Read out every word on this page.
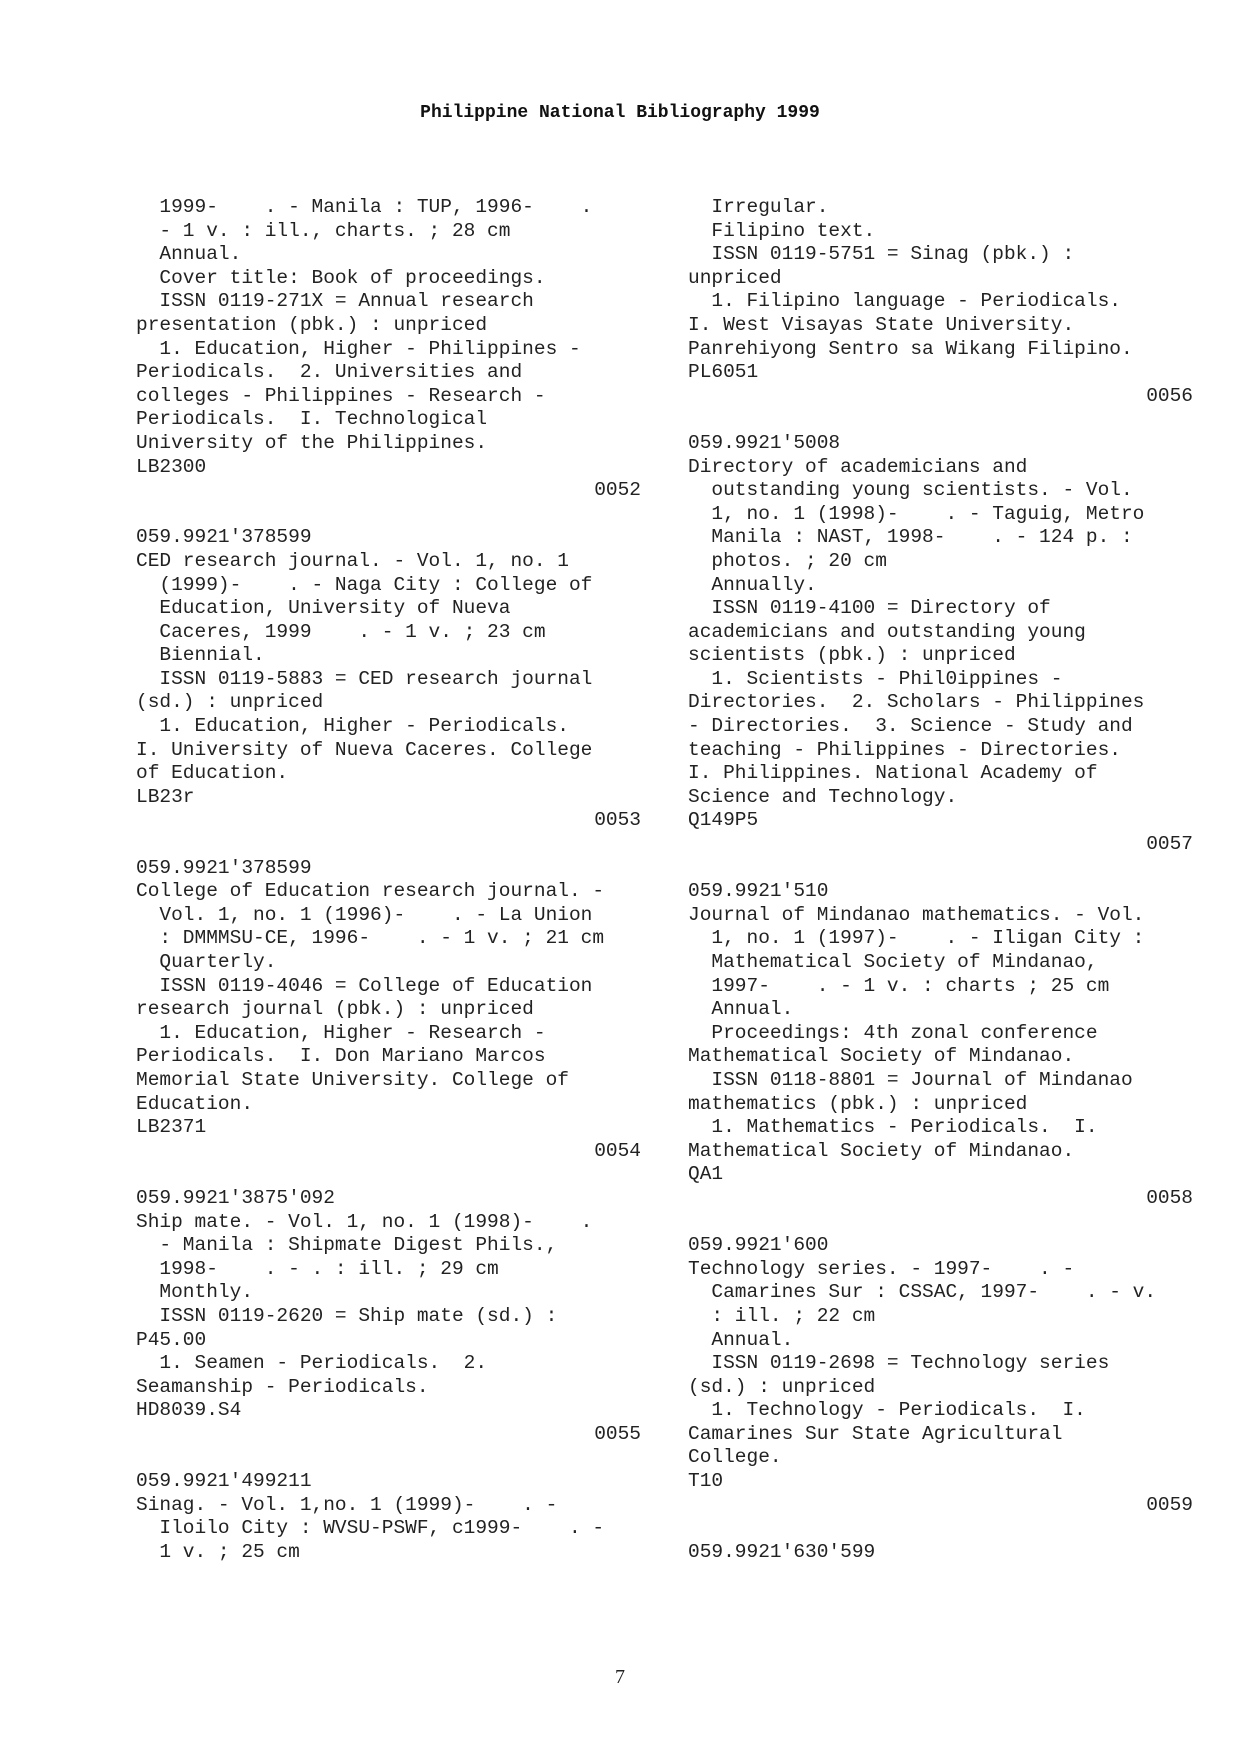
Philippine National Bibliography 1999
1999-    . - Manila : TUP, 1996-    .
- 1 v. : ill., charts. ; 28 cm
Annual.
Cover title: Book of proceedings.
ISSN 0119-271X = Annual research
presentation (pbk.) : unpriced
1. Education, Higher - Philippines -
Periodicals.  2. Universities and
colleges - Philippines - Research -
Periodicals.  I. Technological
University of the Philippines.
LB2300
0052
059.9921'378599
CED research journal. - Vol. 1, no. 1
(1999)-    . - Naga City : College of
Education, University of Nueva
Caceres, 1999    . - 1 v. ; 23 cm
Biennial.
ISSN 0119-5883 = CED research journal
(sd.) : unpriced
1. Education, Higher - Periodicals.
I. University of Nueva Caceres. College
of Education.
LB23r
0053
059.9921'378599
College of Education research journal. -
Vol. 1, no. 1 (1996)-    . - La Union
: DMMMSU-CE, 1996-    . - 1 v. ; 21 cm
Quarterly.
ISSN 0119-4046 = College of Education
research journal (pbk.) : unpriced
1. Education, Higher - Research -
Periodicals.  I. Don Mariano Marcos
Memorial State University. College of
Education.
LB2371
0054
059.9921'3875'092
Ship mate. - Vol. 1, no. 1 (1998)-    .
- Manila : Shipmate Digest Phils.,
1998-    . - . : ill. ; 29 cm
Monthly.
ISSN 0119-2620 = Ship mate (sd.) :
P45.00
1. Seamen - Periodicals.  2.
Seamanship - Periodicals.
HD8039.S4
0055
059.9921'499211
Sinag. - Vol. 1,no. 1 (1999)-    . -
Iloilo City : WVSU-PSWF, c1999-    . -
1 v. ; 25 cm
Irregular.
Filipino text.
ISSN 0119-5751 = Sinag (pbk.) :
unpriced
1. Filipino language - Periodicals.
I. West Visayas State University.
Panrehiyong Sentro sa Wikang Filipino.
PL6051
0056
059.9921'5008
Directory of academicians and
outstanding young scientists. - Vol.
1, no. 1 (1998)-    . - Taguig, Metro
Manila : NAST, 1998-    . - 124 p. :
photos. ; 20 cm
Annually.
ISSN 0119-4100 = Directory of
academicians and outstanding young
scientists (pbk.) : unpriced
1. Scientists - Phil0ippines -
Directories.  2. Scholars - Philippines
- Directories.  3. Science - Study and
teaching - Philippines - Directories.
I. Philippines. National Academy of
Science and Technology.
Q149P5
0057
059.9921'510
Journal of Mindanao mathematics. - Vol.
1, no. 1 (1997)-    . - Iligan City :
Mathematical Society of Mindanao,
1997-    . - 1 v. : charts ; 25 cm
Annual.
Proceedings: 4th zonal conference
Mathematical Society of Mindanao.
ISSN 0118-8801 = Journal of Mindanao
mathematics (pbk.) : unpriced
1. Mathematics - Periodicals.  I.
Mathematical Society of Mindanao.
QA1
0058
059.9921'600
Technology series. - 1997-    . -
Camarines Sur : CSSAC, 1997-    . - v.
: ill. ; 22 cm
Annual.
ISSN 0119-2698 = Technology series
(sd.) : unpriced
1. Technology - Periodicals.  I.
Camarines Sur State Agricultural
College.
T10
0059
059.9921'630'599
7
